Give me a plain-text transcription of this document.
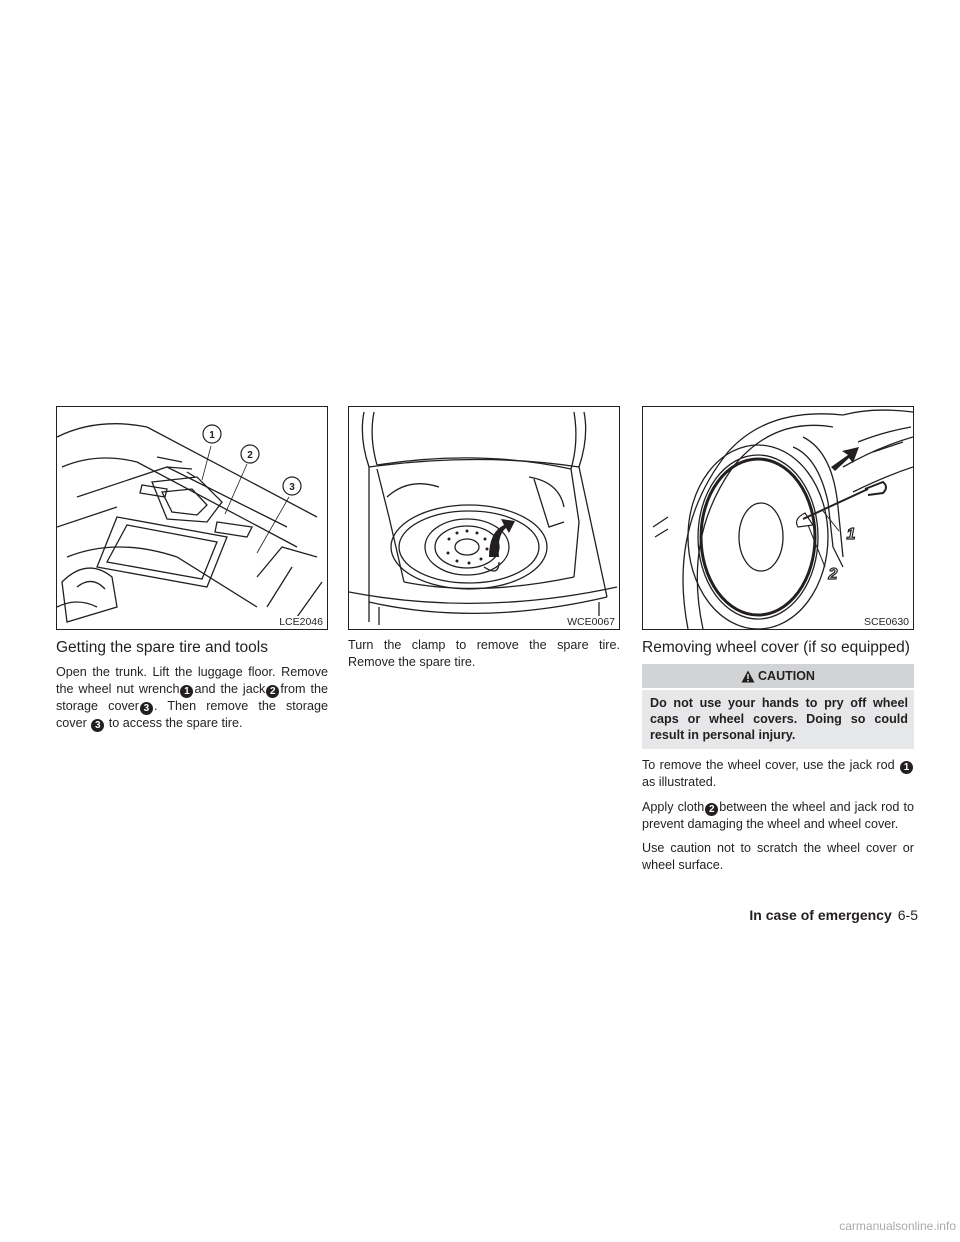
1
2
3
LCE2046
Getting the spare tire and tools

Open the trunk. Lift the luggage floor. Remove the wheel nut wrench 1 and the jack 2 from the storage cover 3 . Then remove the storage cover 3 to access the spare tire.

WCE0067

Turn the clamp to remove the spare tire. Remove the spare tire.

1
2
SCE0630
Removing wheel cover (if so equipped)
CAUTION
Do not use your hands to pry off wheel caps or wheel covers. Doing so could result in personal injury.

To remove the wheel cover, use the jack rod 1 as illustrated.

Apply cloth 2 between the wheel and jack rod to prevent damaging the wheel and wheel cover.

Use caution not to scratch the wheel cover or wheel surface.

In case of emergency 6-5
carmanualsonline.info
